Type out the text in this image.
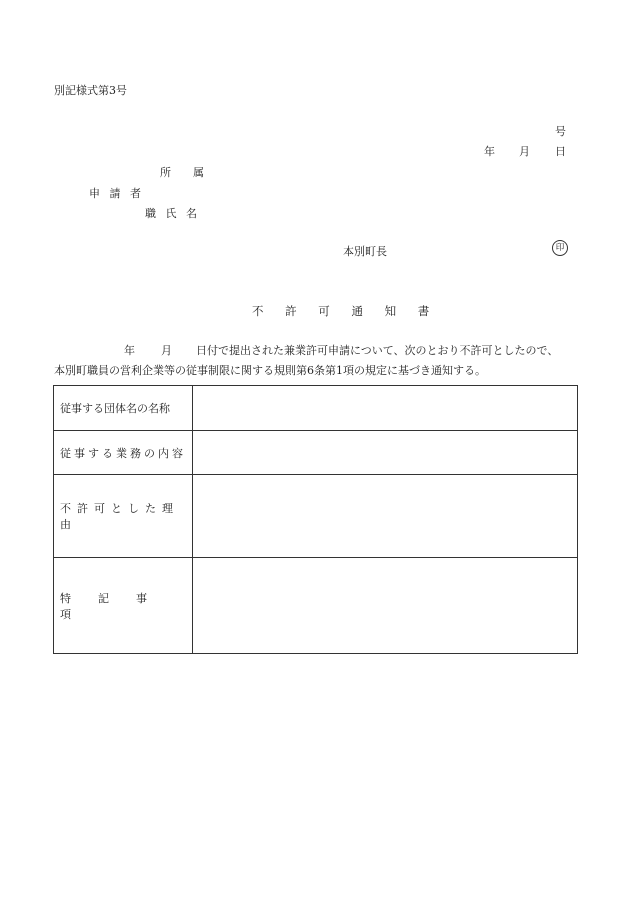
別記様式第3号
号
年 月 日
所 属
申 請 者
職 氏 名
本別町長	印
不 許 可 通 知 書
年 月 日付で提出された兼業許可申請について、次のとおり不許可としたので、
本別町職員の営利企業等の従事制限に関する規則第6条第1項の規定に基づき通知する。
従事する団体名の名称	
従事する業務の内容	
不許可とした理由	
特記事項	
